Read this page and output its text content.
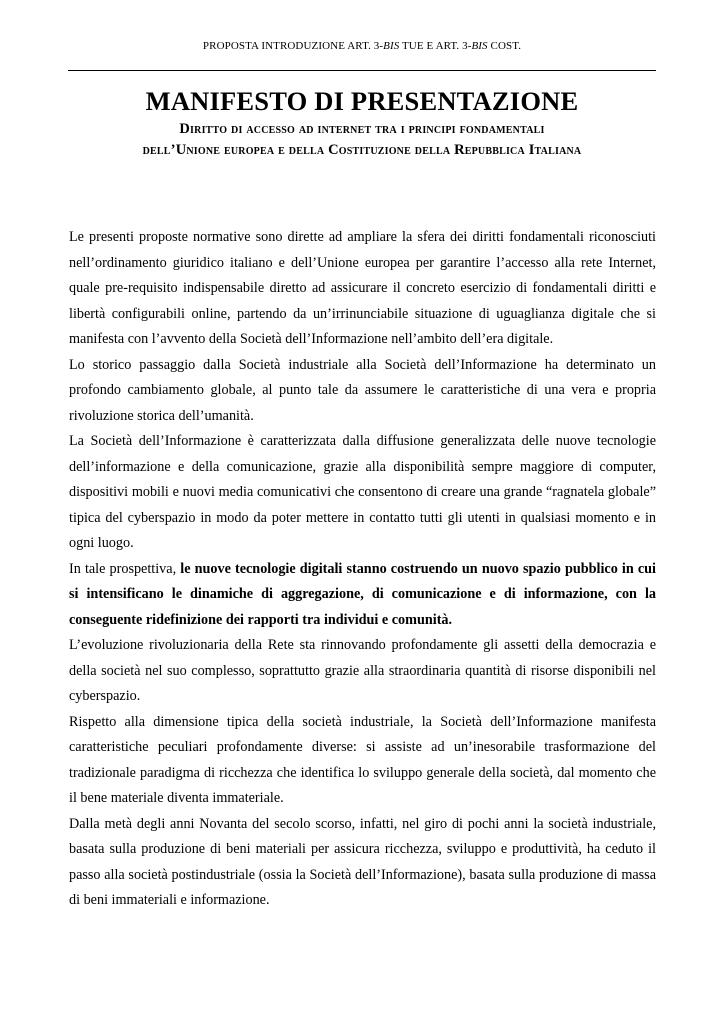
PROPOSTA INTRODUZIONE ART. 3-BIS TUE E ART. 3-BIS COST.
MANIFESTO DI PRESENTAZIONE
Diritto di accesso ad internet tra i principi fondamentali
dell’Unione europea e della Costituzione della Repubblica Italiana

Le presenti proposte normative sono dirette ad ampliare la sfera dei diritti fondamentali riconosciuti nell’ordinamento giuridico italiano e dell’Unione europea per garantire l’accesso alla rete Internet, quale pre-requisito indispensabile diretto ad assicurare il concreto esercizio di fondamentali diritti e libertà configurabili online, partendo da un’irrinunciabile situazione di uguaglianza digitale che si manifesta con l’avvento della Società dell’Informazione nell’ambito dell’era digitale.

Lo storico passaggio dalla Società industriale alla Società dell’Informazione ha determinato un profondo cambiamento globale, al punto tale da assumere le caratteristiche di una vera e propria rivoluzione storica dell’umanità.

La Società dell’Informazione è caratterizzata dalla diffusione generalizzata delle nuove tecnologie dell’informazione e della comunicazione, grazie alla disponibilità sempre maggiore di computer, dispositivi mobili e nuovi media comunicativi che consentono di creare una grande “ragnatela globale” tipica del cyberspazio in modo da poter mettere in contatto tutti gli utenti in qualsiasi momento e in ogni luogo.

In tale prospettiva, le nuove tecnologie digitali stanno costruendo un nuovo spazio pubblico in cui si intensificano le dinamiche di aggregazione, di comunicazione e di informazione, con la conseguente ridefinizione dei rapporti tra individui e comunità.

L’evoluzione rivoluzionaria della Rete sta rinnovando profondamente gli assetti della democrazia e della società nel suo complesso, soprattutto grazie alla straordinaria quantità di risorse disponibili nel cyberspazio.

Rispetto alla dimensione tipica della società industriale, la Società dell’Informazione manifesta caratteristiche peculiari profondamente diverse: si assiste ad un’inesorabile trasformazione del tradizionale paradigma di ricchezza che identifica lo sviluppo generale della società, dal momento che il bene materiale diventa immateriale.

Dalla metà degli anni Novanta del secolo scorso, infatti, nel giro di pochi anni la società industriale, basata sulla produzione di beni materiali per assicura ricchezza, sviluppo e produttività, ha ceduto il passo alla società postindustriale (ossia la Società dell’Informazione), basata sulla produzione di massa di beni immateriali e informazione.
